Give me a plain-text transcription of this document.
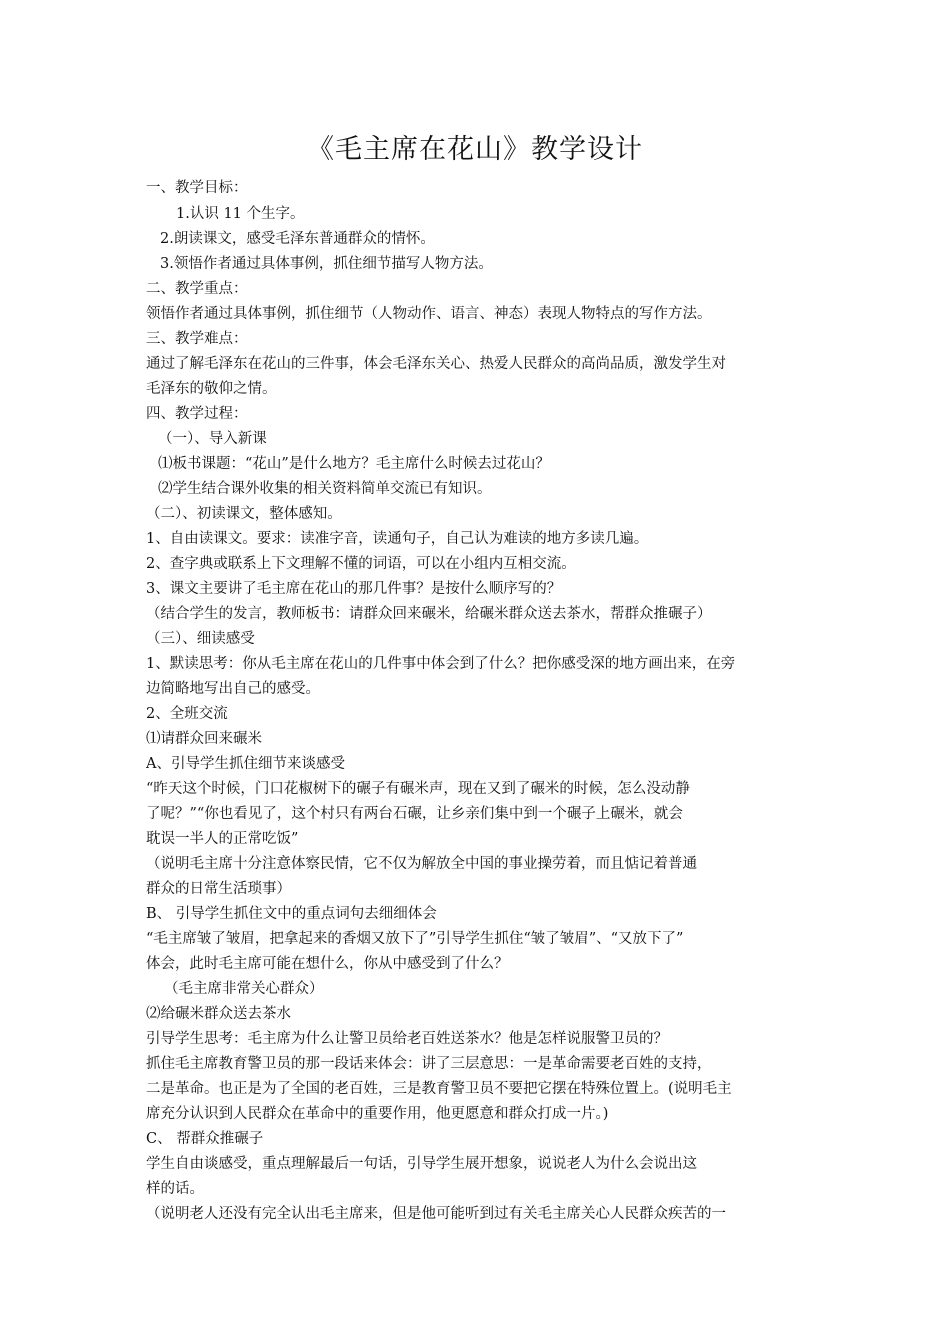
《毛主席在花山》教学设计
一、教学目标：
1.认识 11 个生字。
2.朗读课文，感受毛泽东普通群众的情怀。
3.领悟作者通过具体事例，抓住细节描写人物方法。
二、教学重点：
领悟作者通过具体事例，抓住细节（人物动作、语言、神态）表现人物特点的写作方法。
三、教学难点：
通过了解毛泽东在花山的三件事，体会毛泽东关心、热爱人民群众的高尚品质，激发学生对
毛泽东的敬仰之情。
四、教学过程：
（一）、导入新课
⑴板书课题：“花山”是什么地方？毛主席什么时候去过花山？
⑵学生结合课外收集的相关资料简单交流已有知识。
（二）、初读课文，整体感知。
1、自由读课文。要求：读准字音，读通句子，自己认为难读的地方多读几遍。
2、查字典或联系上下文理解不懂的词语，可以在小组内互相交流。
3、课文主要讲了毛主席在花山的那几件事？是按什么顺序写的？
（结合学生的发言，教师板书：请群众回来碾米，给碾米群众送去茶水，帮群众推碾子）
（三）、细读感受
1、默读思考：你从毛主席在花山的几件事中体会到了什么？把你感受深的地方画出来，在旁
边简略地写出自己的感受。
2、全班交流
⑴请群众回来碾米
A、引导学生抓住细节来谈感受
“昨天这个时候，门口花椒树下的碾子有碾米声，现在又到了碾米的时候，怎么没动静
了呢？”“你也看见了，这个村只有两台石碾，让乡亲们集中到一个碾子上碾米，就会
耽误一半人的正常吃饭”
（说明毛主席十分注意体察民情，它不仅为解放全中国的事业操劳着，而且惦记着普通
群众的日常生活琐事）
B、 引导学生抓住文中的重点词句去细细体会
“毛主席皱了皱眉，把拿起来的香烟又放下了”引导学生抓住“皱了皱眉”、“又放下了”
体会，此时毛主席可能在想什么，你从中感受到了什么？
（毛主席非常关心群众）
⑵给碾米群众送去茶水
引导学生思考：毛主席为什么让警卫员给老百姓送茶水？他是怎样说服警卫员的？
抓住毛主席教育警卫员的那一段话来体会：讲了三层意思：一是革命需要老百姓的支持，
二是革命。也正是为了全国的老百姓，三是教育警卫员不要把它摆在特殊位置上。(说明毛主
席充分认识到人民群众在革命中的重要作用，他更愿意和群众打成一片。)
C、 帮群众推碾子
学生自由谈感受，重点理解最后一句话，引导学生展开想象，说说老人为什么会说出这
样的话。
（说明老人还没有完全认出毛主席来，但是他可能听到过有关毛主席关心人民群众疾苦的一
